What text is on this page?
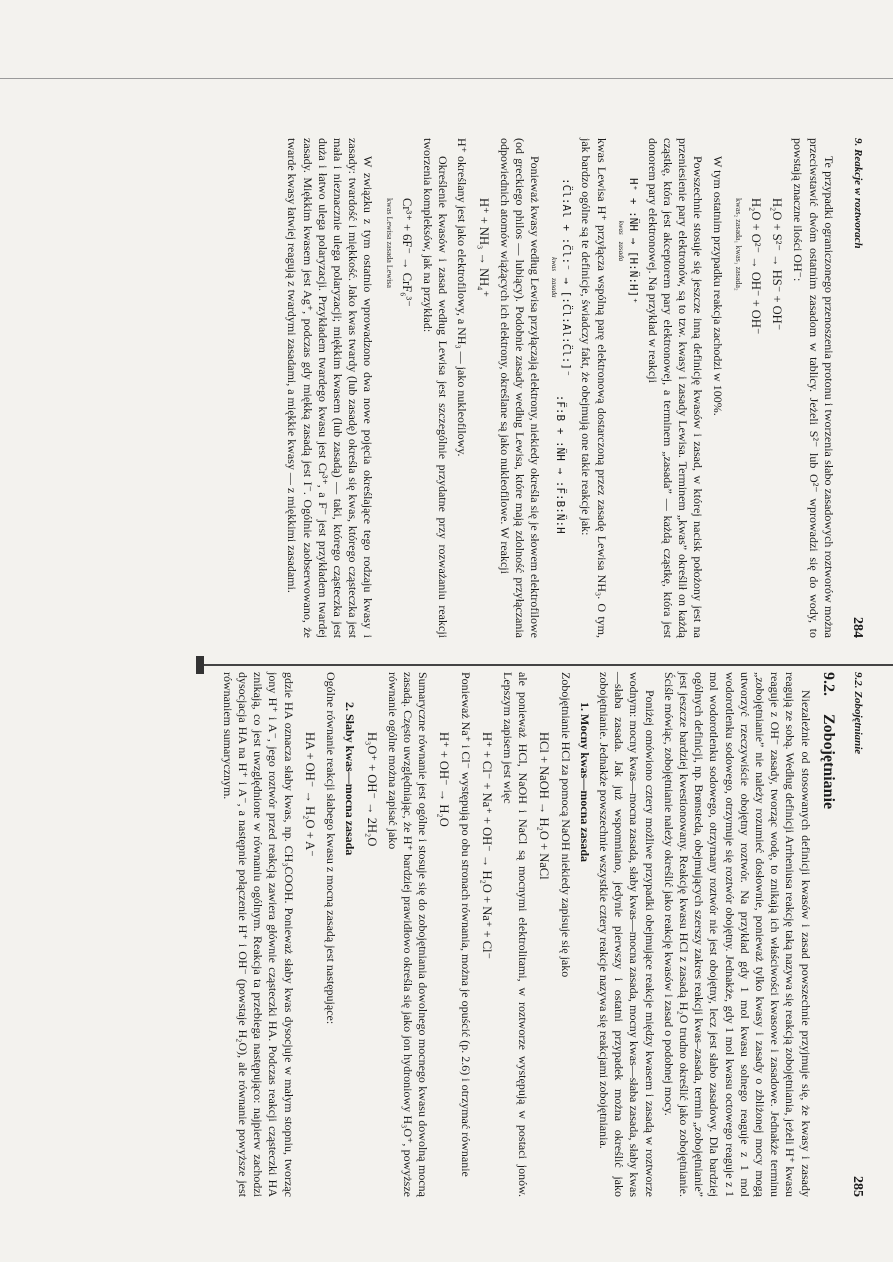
9. Reakcje w roztworach
284

Te przypadki ograniczonego przenoszenia protonu i tworzenia słabo zasadowych roztworów można przeciwstawić dwóm ostatnim zasadom w tablicy. Jeżeli S²⁻ lub O²⁻ wprowadzi się do wody, to powstają znaczne ilości OH⁻:

H₂O + S²⁻ → HS⁻ + OH⁻
H₂O + O²⁻ → OH⁻ + OH⁻
kwas₂ zasada₁ kwas₁ zasada₂

W tym ostatnim przypadku reakcja zachodzi w 100%.

Powszechnie stosuje się jeszcze inną definicję kwasów i zasad, w której nacisk położony jest na przeniesienie pary elektronów, są to tzw. kwasy i zasady Lewisa. Terminem „kwas” określił on każdą cząstkę, która jest akceptorem pary elektronowej, a terminem „zasada” — każdą cząstkę, która jest donorem pary elektronowej. Na przykład w reakcji

H⁺ + :N̈H → [H:N̈:H]⁺
kwas    zasada

kwas Lewisa H⁺ przyłącza wspólną parę elektronową dostarczoną przez zasadę Lewisa NH₃. O tym, jak bardzo ogólne są te definicje, świadczy fakt, że obejmują one takie reakcje jak:

:C̈l:Al + :C̈l:⁻ → [:C̈l:Al:C̈l:]⁻
kwas    zasada
:F̈:B + :N̈H → :F̈:B:N̈:H

Ponieważ kwasy według Lewisa przyłączają elektrony, niekiedy określa się je słowem elektrofilowe (od greckiego philos — lubiący). Podobnie zasady według Lewisa, które mają zdolność przyłączania odpowiednich atomów wiążących ich elektrony, określane są jako nukleofilowe. W reakcji

H⁺ + NH₃ → NH₄⁺

H⁺ określany jest jako elektrofilowy, a NH₃ — jako nukleofilowy.

Określenie kwasów i zasad według Lewisa jest szczególnie przydatne przy rozważaniu reakcji tworzenia kompleksów, jak na przykład:

Cr³⁺ + 6F⁻ → CrF₆³⁻
kwas Lewisa zasada Lewisa

W związku z tym ostatnio wprowadzono dwa nowe pojęcia określające tego rodzaju kwasy i zasady: twardość i miękkość. Jako kwas twardy (lub zasadę) określa się kwas, którego cząsteczka jest mała i nieznacznie ulega polaryzacji; miękkim kwasem (lub zasadą) — taki, którego cząsteczka jest duża i łatwo ulega polaryzacji. Przykładem twardego kwasu jest Cr³⁺, a F⁻ jest przykładem twardej zasady. Miękkim kwasem jest Ag⁺, podczas gdy miękką zasadą jest I⁻. Ogólnie zaobserwowano, że twarde kwasy łatwiej reagują z twardymi zasadami, a miękkie kwasy — z miękkimi zasadami.

9.2. Zobojętnianie
285
9.2. Zobojętnianie

Niezależnie od stosowanych definicji kwasów i zasad powszechnie przyjmuje się, że kwasy i zasady reagują ze sobą. Według definicji Arrheniusa reakcję taką nazywa się reakcją zobojętniania, jeżeli H⁺ kwasu reaguje z OH⁻ zasady, tworząc wodę, to znikają ich właściwości kwasowe i zasadowe. Jednakże terminu „zobojętnianie” nie należy rozumieć dosłownie, ponieważ tylko kwasy i zasady o zbliżonej mocy mogą utworzyć rzeczywiście obojętny roztwór. Na przykład gdy 1 mol kwasu solnego reaguje z 1 mol wodorotlenku sodowego, otrzymuje się roztwór obojętny. Jednakże, gdy 1 mol kwasu octowego reaguje z 1 mol wodorotlenku sodowego, otrzymany roztwór nie jest obojętny, lecz jest słabo zasadowy. Dla bardziej ogólnych definicji, np. Brønsteda, obejmujących szerszy zakres reakcji kwas–zasada, termin „zobojętnianie” jest jeszcze bardziej kwestionowany. Reakcję kwasu HCl z zasadą H₂O trudno określić jako zobojętnianie. Ściśle mówiąc, zobojętnianie należy określić jako reakcję kwasów i zasad o podobnej mocy.

Poniżej omówiono cztery możliwe przypadki obejmujące reakcje między kwasem i zasadą w roztworze wodnym: mocny kwas—mocna zasada, słaby kwas—mocna zasada, mocny kwas—słaba zasada, słaby kwas—słaba zasada. Jak już wspomniano, jedynie pierwszy i ostatni przypadek można określić jako zobojętnianie. Jednakże powszechnie wszystkie cztery reakcje nazywa się reakcjami zobojętniania.

1. Mocny kwas—mocna zasada

Zobojętnianie HCl za pomocą NaOH niekiedy zapisuje się jako

HCl + NaOH → H₂O + NaCl

ale ponieważ HCl, NaOH i NaCl są mocnymi elektrolitami, w roztworze występują w postaci jonów. Lepszym zapisem jest więc

H⁺ + Cl⁻ + Na⁺ + OH⁻ → H₂O + Na⁺ + Cl⁻

Ponieważ Na⁺ i Cl⁻ występują po obu stronach równania, można je opuścić (p. 2.6) i otrzymać równanie

H⁺ + OH⁻ → H₂O

Sumaryczne równanie jest ogólne i stosuje się do zobojętniania dowolnego mocnego kwasu dowolną mocną zasadą. Często uwzględniając, że H⁺ bardziej prawidłowo określa się jako jon hydroniowy H₃O⁺, powyższe równanie ogólne można zapisać jako

H₃O⁺ + OH⁻ → 2H₂O
2. Słaby kwas—mocna zasada

Ogólne równanie reakcji słabego kwasu z mocną zasadą jest następujące:

HA + OH⁻ → H₂O + A⁻

gdzie HA oznacza słaby kwas, np. CH₃COOH. Ponieważ słaby kwas dysocjuje w małym stopniu, tworząc jony H⁺ i A⁻, jego roztwór przed reakcją zawiera głównie cząsteczki HA. Podczas reakcji cząsteczki HA znikają, co jest uwzględnione w równaniu ogólnym. Reakcja ta przebiega następująco: najpierw zachodzi dysocjacja HA na H⁺ i A⁻, a następnie połączenie H⁺ i OH⁻ (powstaje H₂O), ale równanie powyższe jest równaniem sumarycznym.
